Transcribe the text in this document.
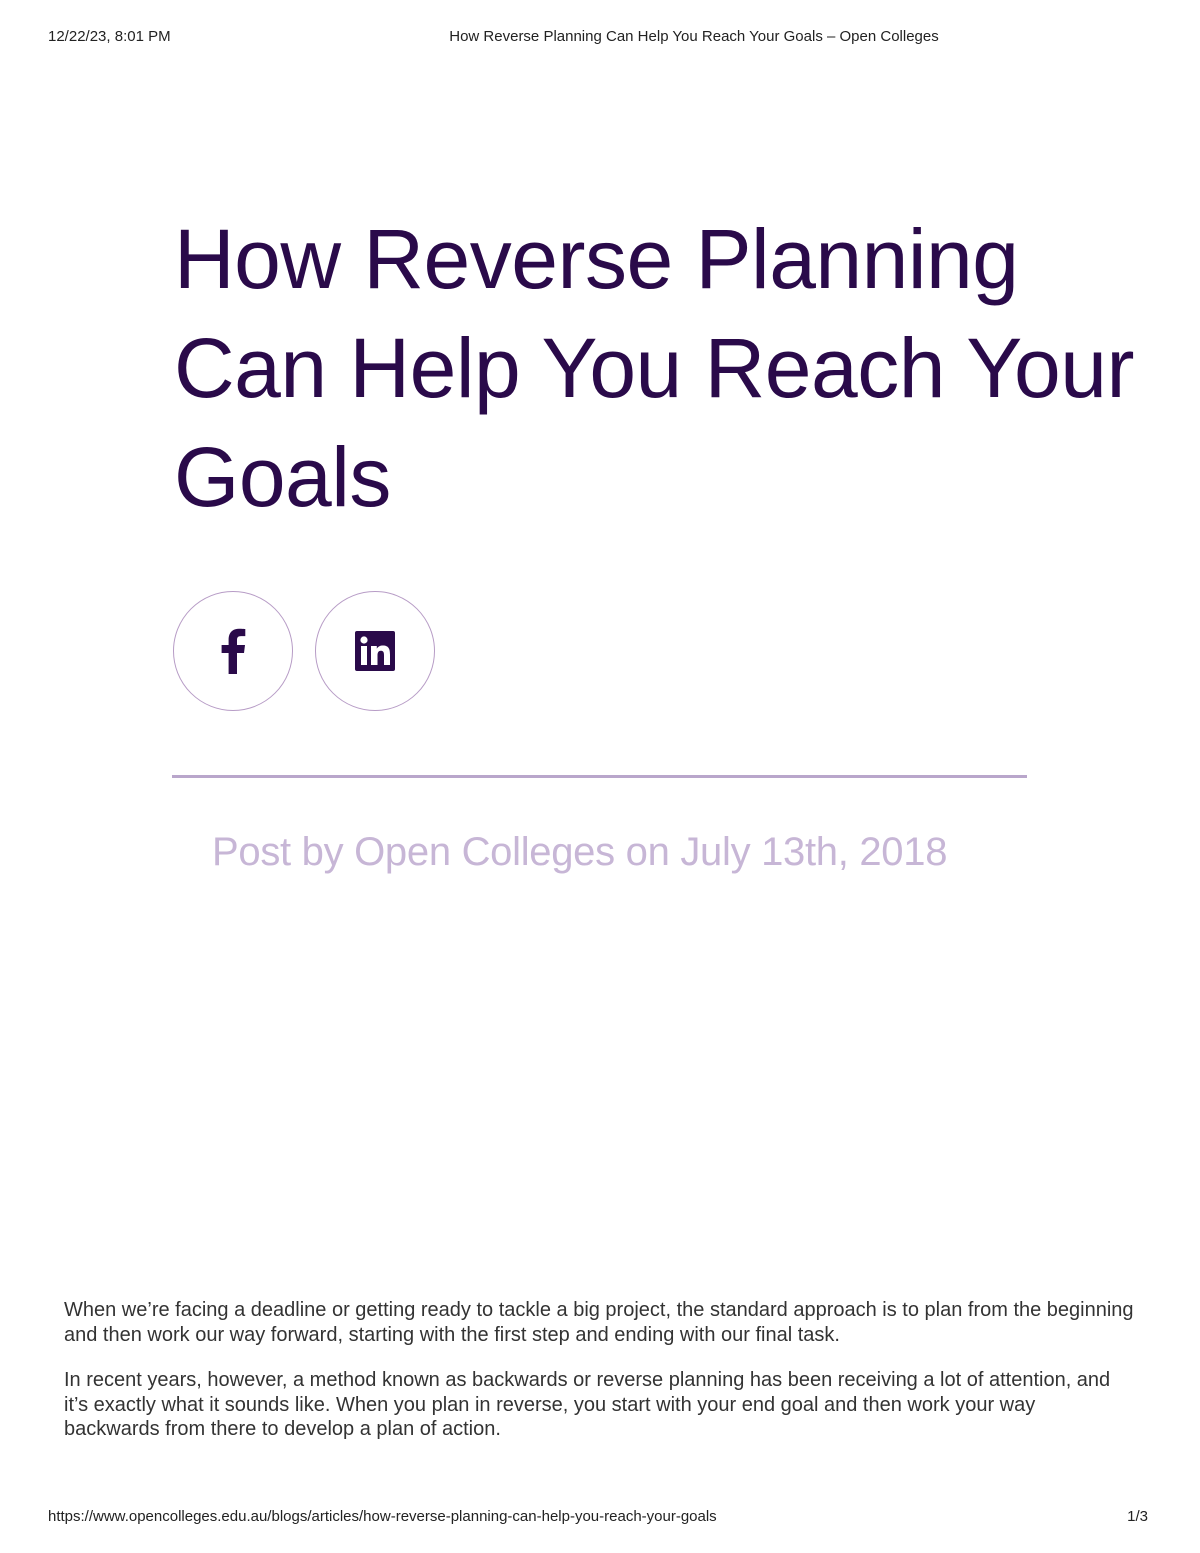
12/22/23, 8:01 PM	How Reverse Planning Can Help You Reach Your Goals – Open Colleges
How Reverse Planning Can Help You Reach Your Goals
Post by Open Colleges on July 13th, 2018

When we’re facing a deadline or getting ready to tackle a big project, the standard approach is to plan from the beginning and then work our way forward, starting with the first step and ending with our final task.

In recent years, however, a method known as backwards or reverse planning has been receiving a lot of attention, and it’s exactly what it sounds like. When you plan in reverse, you start with your end goal and then work your way backwards from there to develop a plan of action.

https://www.opencolleges.edu.au/blogs/articles/how-reverse-planning-can-help-you-reach-your-goals	1/3
